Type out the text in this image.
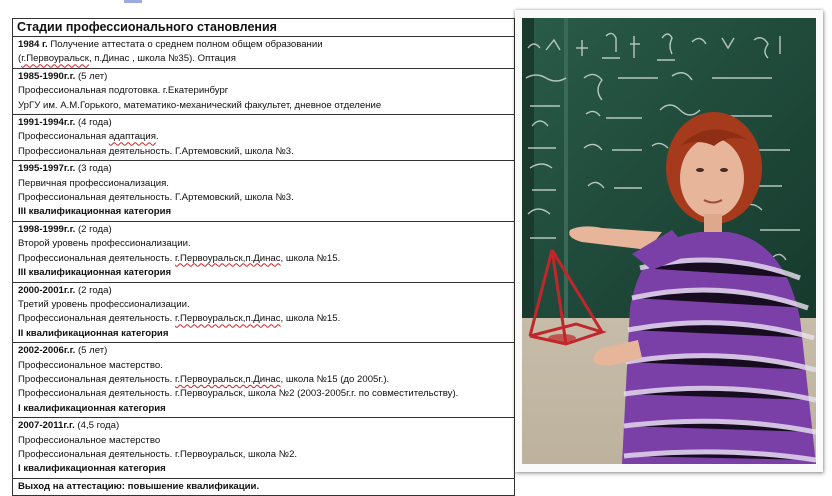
Стадии профессионального становления
1984 г. Получение аттестата о среднем полном общем образовании
(г.Первоуральск, п.Динас , школа №35). Оптация
1985-1990г.г. (5 лет)
Профессиональная подготовка. г.Екатеринбург
УрГУ им. А.М.Горького, математико-механический факультет, дневное отделение
1991-1994г.г. (4 года)
Профессиональная адаптация.
Профессиональная деятельность. Г.Артемовский, школа №3.
1995-1997г.г. (3 года)
Первичная профессионализация.
Профессиональная деятельность. Г.Артемовский, школа №3.
III квалификационная категория
1998-1999г.г. (2 года)
Второй уровень профессионализации.
Профессиональная деятельность. г.Первоуральск,п.Динас, школа №15.
III квалификационная категория
2000-2001г.г. (2 года)
Третий уровень профессионализации.
Профессиональная деятельность. г.Первоуральск,п.Динас, школа №15.
II квалификационная категория
2002-2006г.г. (5 лет)
Профессиональное мастерство.
Профессиональная деятельность. г.Первоуральск,п.Динас, школа №15 (до 2005г.).
Профессиональная деятельность. г.Первоуральск, школа №2 (2003-2005г.г. по совместительству).
I квалификационная категория
2007-2011г.г. (4,5 года)
Профессиональное мастерство
Профессиональная деятельность. г.Первоуральск, школа №2.
I квалификационная категория
Выход на аттестацию: повышение квалификации.
